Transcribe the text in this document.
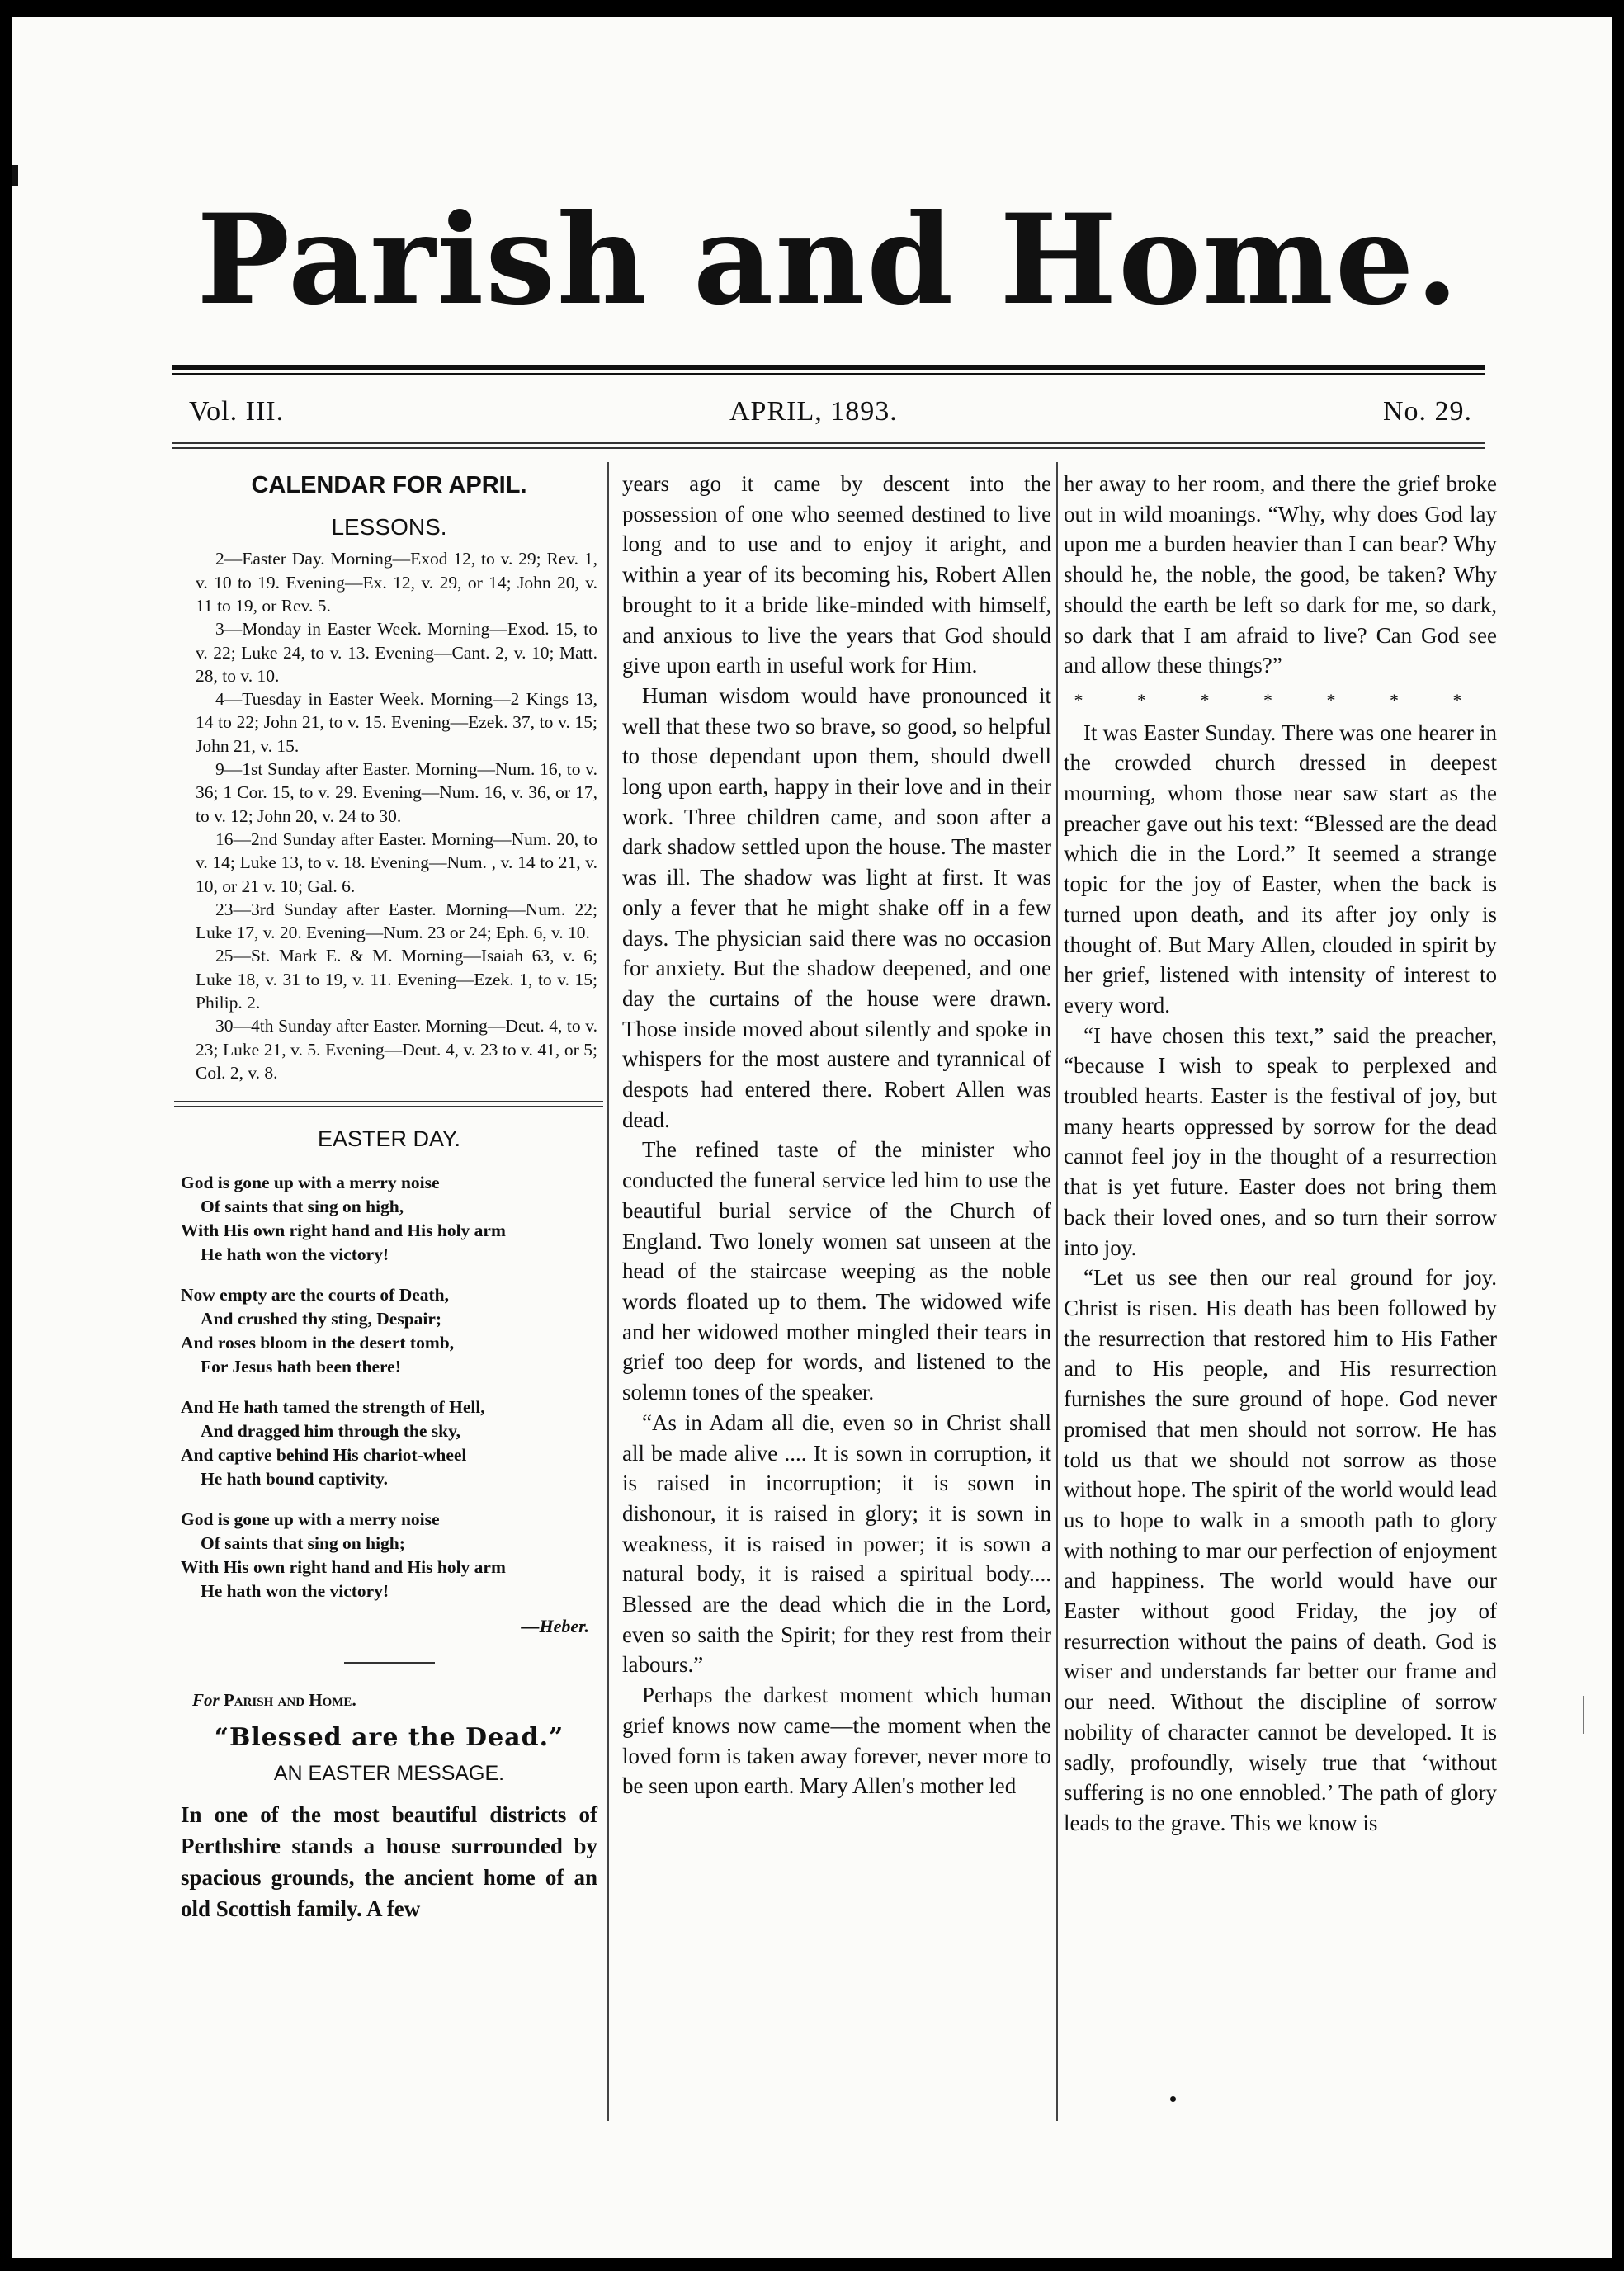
Parish and Home.
Vol. III.	APRIL, 1893.	No. 29.
CALENDAR FOR APRIL.
LESSONS.

2—Easter Day. Morning—Exod 12, to v. 29; Rev. 1, v. 10 to 19. Evening—Ex. 12, v. 29, or 14; John 20, v. 11 to 19, or Rev. 5.

3—Monday in Easter Week. Morning—Exod. 15, to v. 22; Luke 24, to v. 13. Evening—Cant. 2, v. 10; Matt. 28, to v. 10.

4—Tuesday in Easter Week. Morning—2 Kings 13, 14 to 22; John 21, to v. 15. Evening—Ezek. 37, to v. 15; John 21, v. 15.

9—1st Sunday after Easter. Morning—Num. 16, to v. 36; 1 Cor. 15, to v. 29. Evening—Num. 16, v. 36, or 17, to v. 12; John 20, v. 24 to 30.

16—2nd Sunday after Easter. Morning—Num. 20, to v. 14; Luke 13, to v. 18. Evening—Num. , v. 14 to 21, v. 10, or 21 v. 10; Gal. 6.

23—3rd Sunday after Easter. Morning—Num. 22; Luke 17, v. 20. Evening—Num. 23 or 24; Eph. 6, v. 10.

25—St. Mark E. & M. Morning—Isaiah 63, v. 6; Luke 18, v. 31 to 19, v. 11. Evening—Ezek. 1, to v. 15; Philip. 2.

30—4th Sunday after Easter. Morning—Deut. 4, to v. 23; Luke 21, v. 5. Evening—Deut. 4, v. 23 to v. 41, or 5; Col. 2, v. 8.

EASTER DAY.
God is gone up with a merry noise
Of saints that sing on high,
With His own right hand and His holy arm
He hath won the victory!
Now empty are the courts of Death,
And crushed thy sting, Despair;
And roses bloom in the desert tomb,
For Jesus hath been there!
And He hath tamed the strength of Hell,
And dragged him through the sky,
And captive behind His chariot-wheel
He hath bound captivity.
God is gone up with a merry noise
Of saints that sing on high;
With His own right hand and His holy arm
He hath won the victory!
—Heber.
For Parish and Home.
“Blessed are the Dead.”
AN EASTER MESSAGE.

In one of the most beautiful districts of Perthshire stands a house surrounded by spacious grounds, the ancient home of an old Scottish family. A few

years ago it came by descent into the possession of one who seemed destined to live long and to use and to enjoy it aright, and within a year of its becoming his, Robert Allen brought to it a bride like-minded with himself, and anxious to live the years that God should give upon earth in useful work for Him.

Human wisdom would have pronounced it well that these two so brave, so good, so helpful to those dependant upon them, should dwell long upon earth, happy in their love and in their work. Three children came, and soon after a dark shadow settled upon the house. The master was ill. The shadow was light at first. It was only a fever that he might shake off in a few days. The physician said there was no occasion for anxiety. But the shadow deepened, and one day the curtains of the house were drawn. Those inside moved about silently and spoke in whispers for the most austere and tyrannical of despots had entered there. Robert Allen was dead.

The refined taste of the minister who conducted the funeral service led him to use the beautiful burial service of the Church of England. Two lonely women sat unseen at the head of the staircase weeping as the noble words floated up to them. The widowed wife and her widowed mother mingled their tears in grief too deep for words, and listened to the solemn tones of the speaker.

“As in Adam all die, even so in Christ shall all be made alive .... It is sown in corruption, it is raised in incorruption; it is sown in dishonour, it is raised in glory; it is sown in weakness, it is raised in power; it is sown a natural body, it is raised a spiritual body.... Blessed are the dead which die in the Lord, even so saith the Spirit; for they rest from their labours.”

Perhaps the darkest moment which human grief knows now came—the moment when the loved form is taken away forever, never more to be seen upon earth. Mary Allen's mother led

her away to her room, and there the grief broke out in wild moanings. “Why, why does God lay upon me a burden heavier than I can bear? Why should he, the noble, the good, be taken? Why should the earth be left so dark for me, so dark, so dark that I am afraid to live? Can God see and allow these things?”

* * * * * * *

It was Easter Sunday. There was one hearer in the crowded church dressed in deepest mourning, whom those near saw start as the preacher gave out his text: “Blessed are the dead which die in the Lord.” It seemed a strange topic for the joy of Easter, when the back is turned upon death, and its after joy only is thought of. But Mary Allen, clouded in spirit by her grief, listened with intensity of interest to every word.

“I have chosen this text,” said the preacher, “because I wish to speak to perplexed and troubled hearts. Easter is the festival of joy, but many hearts oppressed by sorrow for the dead cannot feel joy in the thought of a resurrection that is yet future. Easter does not bring them back their loved ones, and so turn their sorrow into joy.

“Let us see then our real ground for joy. Christ is risen. His death has been followed by the resurrection that restored him to His Father and to His people, and His resurrection furnishes the sure ground of hope. God never promised that men should not sorrow. He has told us that we should not sorrow as those without hope. The spirit of the world would lead us to hope to walk in a smooth path to glory with nothing to mar our perfection of enjoyment and happiness. The world would have our Easter without good Friday, the joy of resurrection without the pains of death. God is wiser and understands far better our frame and our need. Without the discipline of sorrow nobility of character cannot be developed. It is sadly, profoundly, wisely true that ‘without suffering is no one ennobled.’ The path of glory leads to the grave. This we know is
